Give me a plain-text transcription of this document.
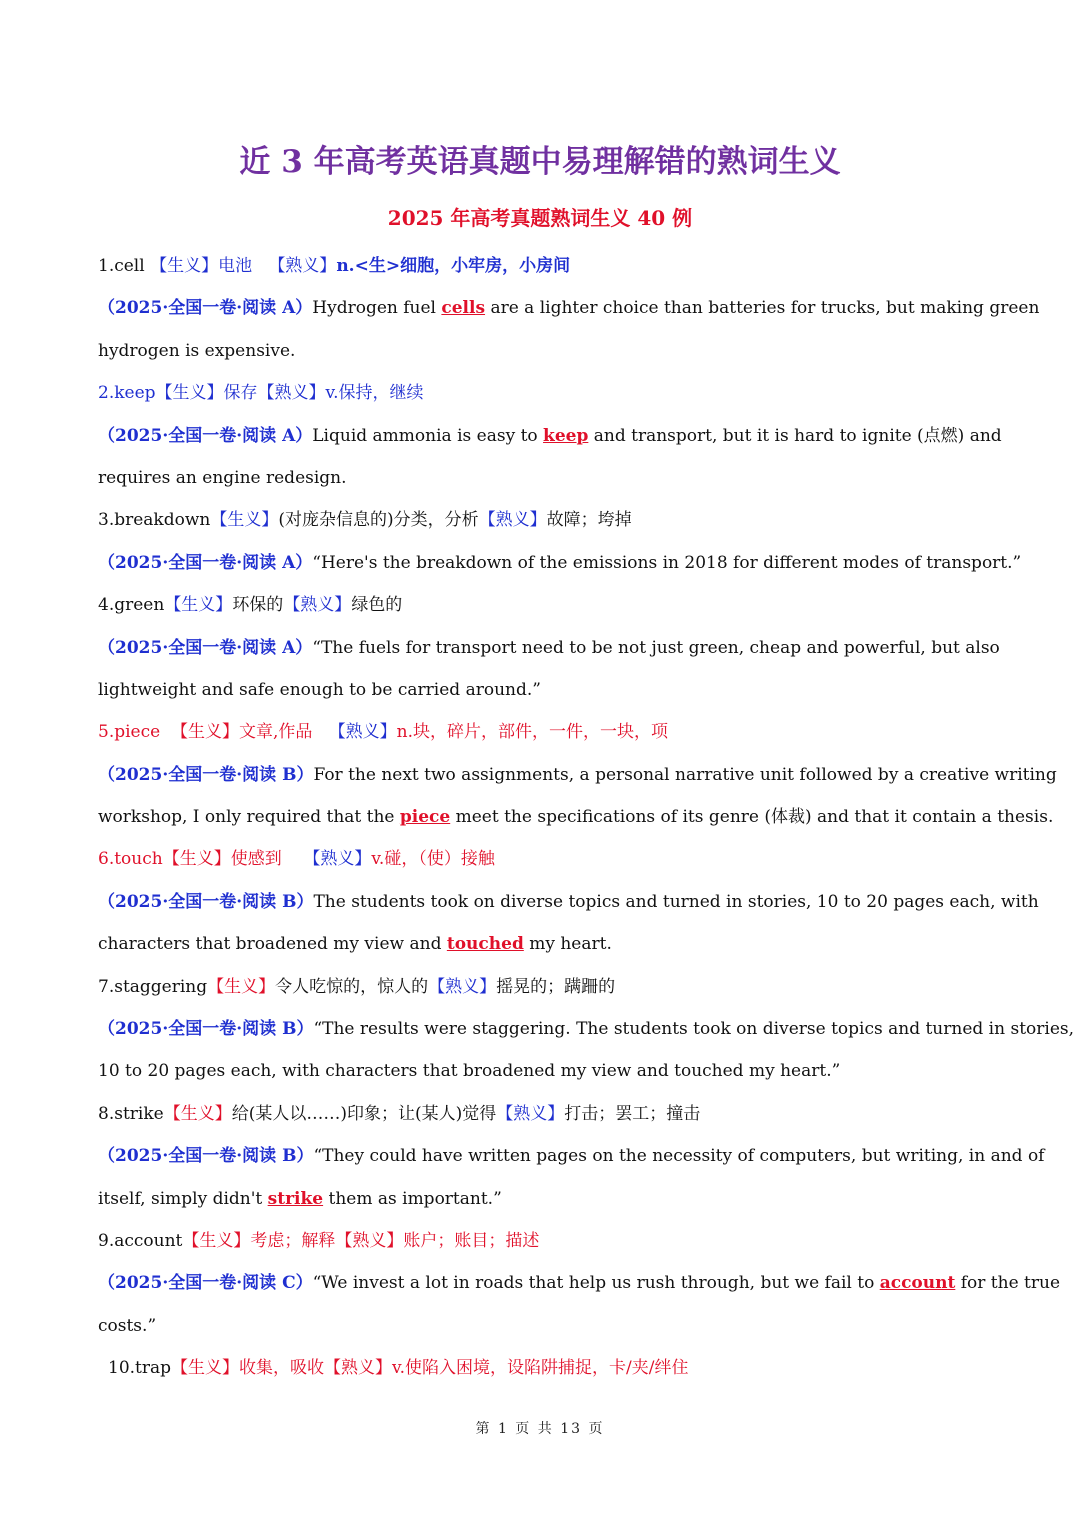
近 3 年高考英语真题中易理解错的熟词生义
2025 年高考真题熟词生义 40 例
1.cell 【生义】电池 【熟义】n.<生>细胞，小牢房，小房间
（2025·全国一卷·阅读 A）Hydrogen fuel cells are a lighter choice than batteries for trucks, but making green
hydrogen is expensive.
2.keep【生义】保存【熟义】v.保持，继续
（2025·全国一卷·阅读 A）Liquid ammonia is easy to keep and transport, but it is hard to ignite (点燃) and
requires an engine redesign.
3.breakdown【生义】(对庞杂信息的)分类，分析【熟义】故障；垮掉
（2025·全国一卷·阅读 A）“Here's the breakdown of the emissions in 2018 for different modes of transport.”
4.green【生义】环保的【熟义】绿色的
（2025·全国一卷·阅读 A）“The fuels for transport need to be not just green, cheap and powerful, but also
lightweight and safe enough to be carried around.”
5.piece 【生义】文章,作品 【熟义】n.块，碎片，部件，一件，一块，项
（2025·全国一卷·阅读 B）For the next two assignments, a personal narrative unit followed by a creative writing
workshop, I only required that the piece meet the specifications of its genre (体裁) and that it contain a thesis.
6.touch【生义】使感到 【熟义】v.碰，（使）接触
（2025·全国一卷·阅读 B）The students took on diverse topics and turned in stories, 10 to 20 pages each, with
characters that broadened my view and touched my heart.
7.staggering【生义】令人吃惊的，惊人的【熟义】摇晃的；蹒跚的
（2025·全国一卷·阅读 B）“The results were staggering. The students took on diverse topics and turned in stories,
10 to 20 pages each, with characters that broadened my view and touched my heart.”
8.strike【生义】给(某人以……)印象；让(某人)觉得【熟义】打击；罢工；撞击
（2025·全国一卷·阅读 B）“They could have written pages on the necessity of computers, but writing, in and of
itself, simply didn't strike them as important.”
9.account【生义】考虑；解释【熟义】账户；账目；描述
（2025·全国一卷·阅读 C）“We invest a lot in roads that help us rush through, but we fail to account for the true
costs.”
10.trap【生义】收集，吸收【熟义】v.使陷入困境，设陷阱捕捉，卡/夹/绊住
第 1 页 共 13 页
